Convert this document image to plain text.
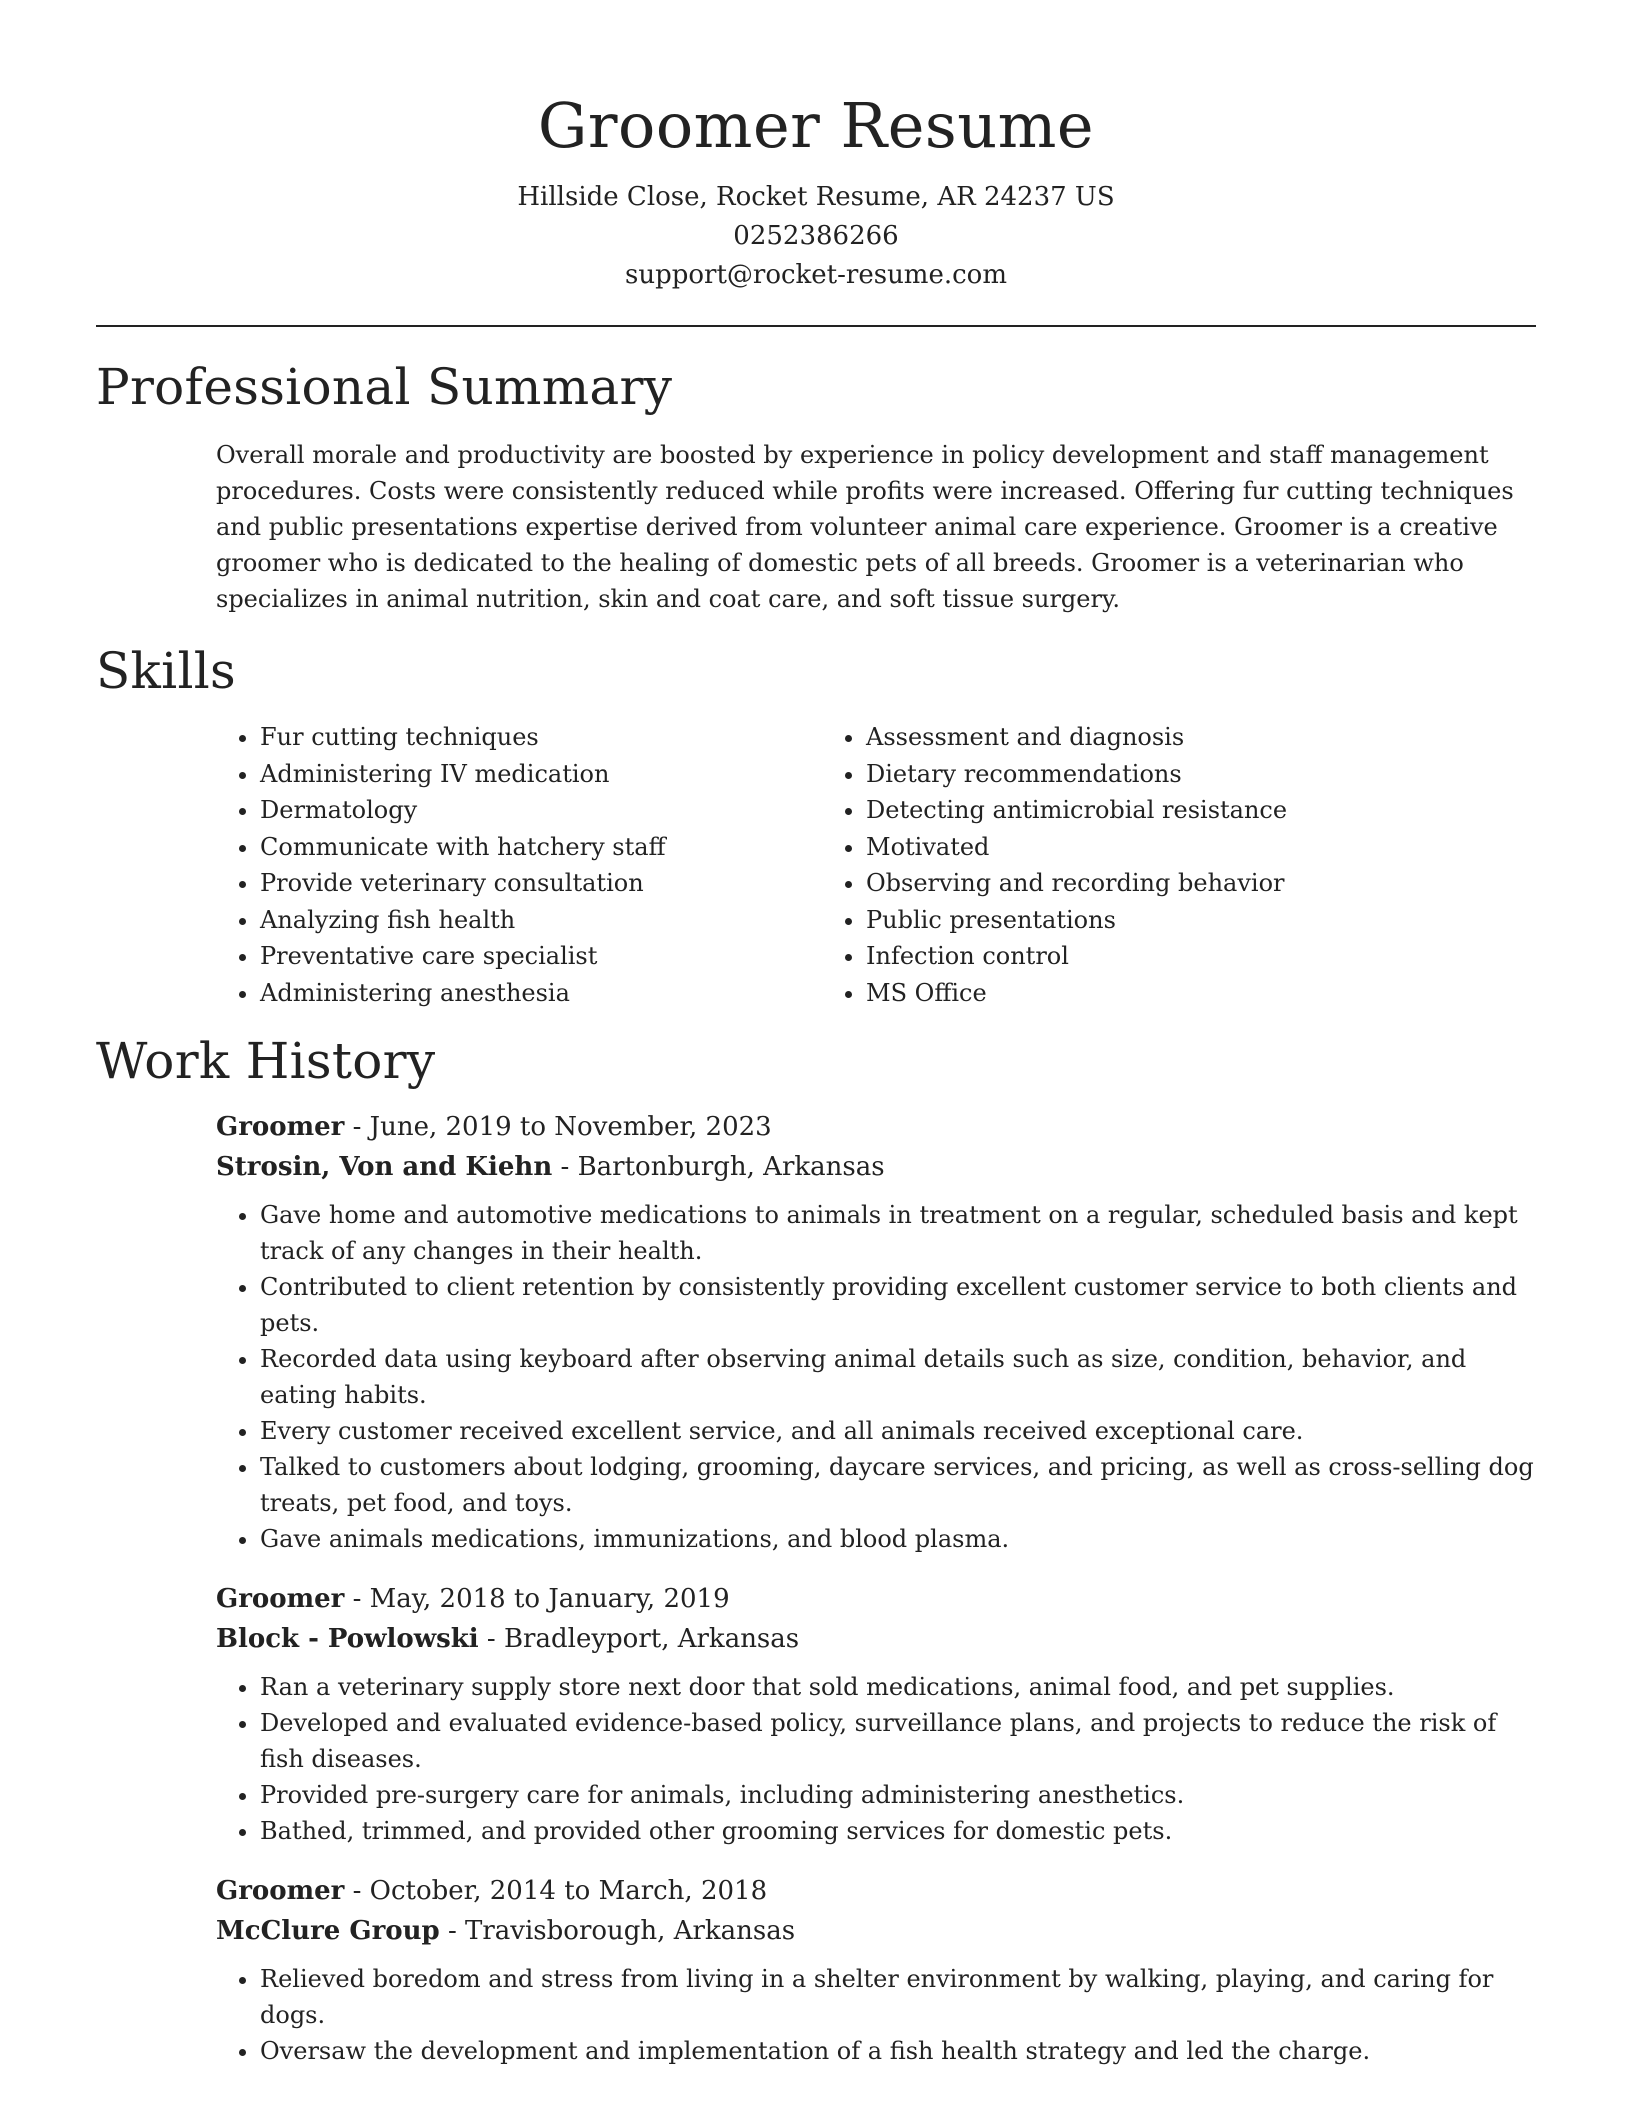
Groomer Resume
Hillside Close, Rocket Resume, AR 24237 US
0252386266
support@rocket-resume.com
Professional Summary

Overall morale and productivity are boosted by experience in policy development and staff management procedures. Costs were consistently reduced while profits were increased. Offering fur cutting techniques and public presentations expertise derived from volunteer animal care experience. Groomer is a creative groomer who is dedicated to the healing of domestic pets of all breeds. Groomer is a veterinarian who specializes in animal nutrition, skin and coat care, and soft tissue surgery.

Skills
• Fur cutting techniques
• Administering IV medication
• Dermatology
• Communicate with hatchery staff
• Provide veterinary consultation
• Analyzing fish health
• Preventative care specialist
• Administering anesthesia
• Assessment and diagnosis
• Dietary recommendations
• Detecting antimicrobial resistance
• Motivated
• Observing and recording behavior
• Public presentations
• Infection control
• MS Office
Work History
Groomer - June, 2019 to November, 2023
Strosin, Von and Kiehn - Bartonburgh, Arkansas
• Gave home and automotive medications to animals in treatment on a regular, scheduled basis and kept track of any changes in their health.
• Contributed to client retention by consistently providing excellent customer service to both clients and pets.
• Recorded data using keyboard after observing animal details such as size, condition, behavior, and eating habits.
• Every customer received excellent service, and all animals received exceptional care.
• Talked to customers about lodging, grooming, daycare services, and pricing, as well as cross-selling dog treats, pet food, and toys.
• Gave animals medications, immunizations, and blood plasma.
Groomer - May, 2018 to January, 2019
Block - Powlowski - Bradleyport, Arkansas
• Ran a veterinary supply store next door that sold medications, animal food, and pet supplies.
• Developed and evaluated evidence-based policy, surveillance plans, and projects to reduce the risk of fish diseases.
• Provided pre-surgery care for animals, including administering anesthetics.
• Bathed, trimmed, and provided other grooming services for domestic pets.
Groomer - October, 2014 to March, 2018
McClure Group - Travisborough, Arkansas
• Relieved boredom and stress from living in a shelter environment by walking, playing, and caring for dogs.
• Oversaw the development and implementation of a fish health strategy and led the charge.
